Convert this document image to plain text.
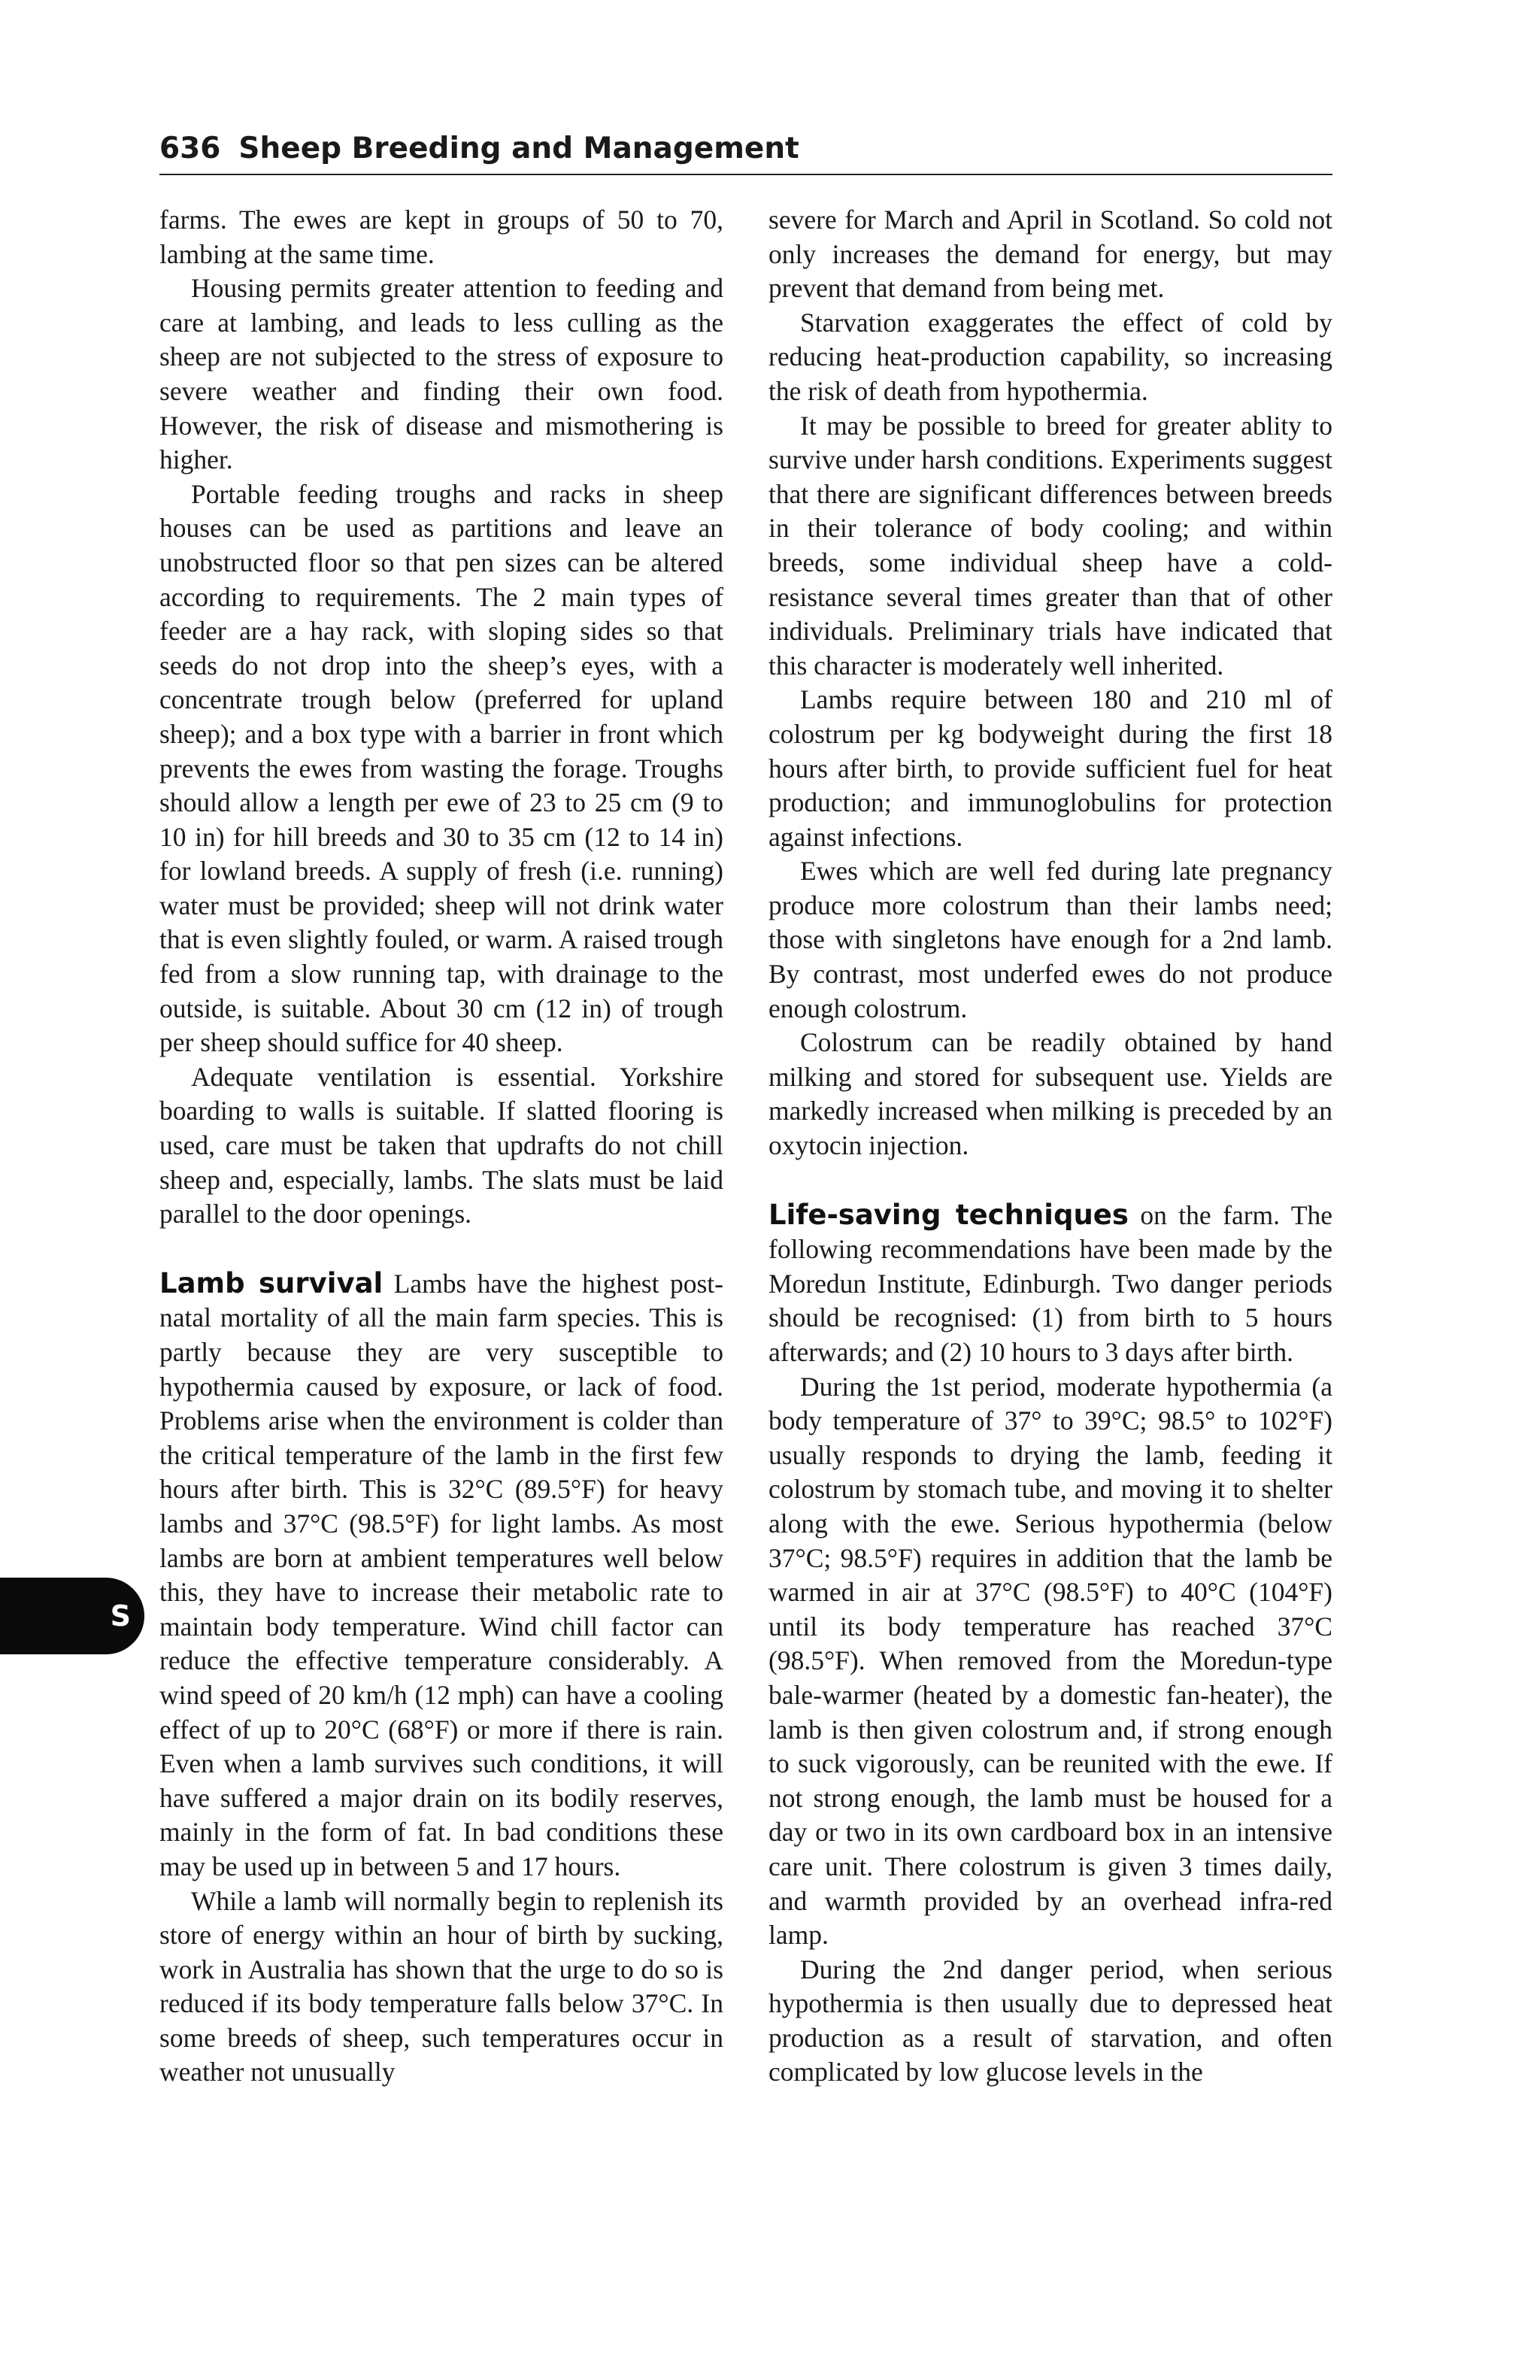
636 Sheep Breeding and Management

farms. The ewes are kept in groups of 50 to 70, lambing at the same time.

Housing permits greater attention to feeding and care at lambing, and leads to less culling as the sheep are not subjected to the stress of exposure to severe weather and finding their own food. However, the risk of disease and mismothering is higher.

Portable feeding troughs and racks in sheep houses can be used as partitions and leave an unobstructed floor so that pen sizes can be altered according to requirements. The 2 main types of feeder are a hay rack, with sloping sides so that seeds do not drop into the sheep’s eyes, with a concentrate trough below (preferred for upland sheep); and a box type with a barrier in front which prevents the ewes from wasting the forage. Troughs should allow a length per ewe of 23 to 25 cm (9 to 10 in) for hill breeds and 30 to 35 cm (12 to 14 in) for lowland breeds. A supply of fresh (i.e. running) water must be provided; sheep will not drink water that is even slightly fouled, or warm. A raised trough fed from a slow running tap, with drainage to the outside, is suitable. About 30 cm (12 in) of trough per sheep should suffice for 40 sheep.

Adequate ventilation is essential. Yorkshire boarding to walls is suitable. If slatted flooring is used, care must be taken that updrafts do not chill sheep and, especially, lambs. The slats must be laid parallel to the door openings.

Lamb survival Lambs have the highest post-natal mortality of all the main farm species. This is partly because they are very susceptible to hypothermia caused by exposure, or lack of food. Problems arise when the environment is colder than the critical temperature of the lamb in the first few hours after birth. This is 32°C (89.5°F) for heavy lambs and 37°C (98.5°F) for light lambs. As most lambs are born at ambient temperatures well below this, they have to increase their metabolic rate to maintain body temperature. Wind chill factor can reduce the effective temperature considerably. A wind speed of 20 km/h (12 mph) can have a cooling effect of up to 20°C (68°F) or more if there is rain. Even when a lamb survives such conditions, it will have suffered a major drain on its bodily reserves, mainly in the form of fat. In bad conditions these may be used up in between 5 and 17 hours.

While a lamb will normally begin to replenish its store of energy within an hour of birth by sucking, work in Australia has shown that the urge to do so is reduced if its body temperature falls below 37°C. In some breeds of sheep, such temperatures occur in weather not unusually

severe for March and April in Scotland. So cold not only increases the demand for energy, but may prevent that demand from being met.

Starvation exaggerates the effect of cold by reducing heat-production capability, so increasing the risk of death from hypothermia.

It may be possible to breed for greater ablity to survive under harsh conditions. Experiments suggest that there are significant differences between breeds in their tolerance of body cooling; and within breeds, some individual sheep have a cold-resistance several times greater than that of other individuals. Preliminary trials have indicated that this character is moderately well inherited.

Lambs require between 180 and 210 ml of colostrum per kg bodyweight during the first 18 hours after birth, to provide sufficient fuel for heat production; and immunoglobulins for protection against infections.

Ewes which are well fed during late pregnancy produce more colostrum than their lambs need; those with singletons have enough for a 2nd lamb. By contrast, most underfed ewes do not produce enough colostrum.

Colostrum can be readily obtained by hand milking and stored for subsequent use. Yields are markedly increased when milking is preceded by an oxytocin injection.

Life-saving techniques on the farm. The following recommendations have been made by the Moredun Institute, Edinburgh. Two danger periods should be recognised: (1) from birth to 5 hours afterwards; and (2) 10 hours to 3 days after birth.

During the 1st period, moderate hypothermia (a body temperature of 37° to 39°C; 98.5° to 102°F) usually responds to drying the lamb, feeding it colostrum by stomach tube, and moving it to shelter along with the ewe. Serious hypothermia (below 37°C; 98.5°F) requires in addition that the lamb be warmed in air at 37°C (98.5°F) to 40°C (104°F) until its body temperature has reached 37°C (98.5°F). When removed from the Moredun-type bale-warmer (heated by a domestic fan-heater), the lamb is then given colostrum and, if strong enough to suck vigorously, can be reunited with the ewe. If not strong enough, the lamb must be housed for a day or two in its own cardboard box in an intensive care unit. There colostrum is given 3 times daily, and warmth provided by an overhead infra-red lamp.

During the 2nd danger period, when serious hypothermia is then usually due to depressed heat production as a result of starvation, and often complicated by low glucose levels in the

S
